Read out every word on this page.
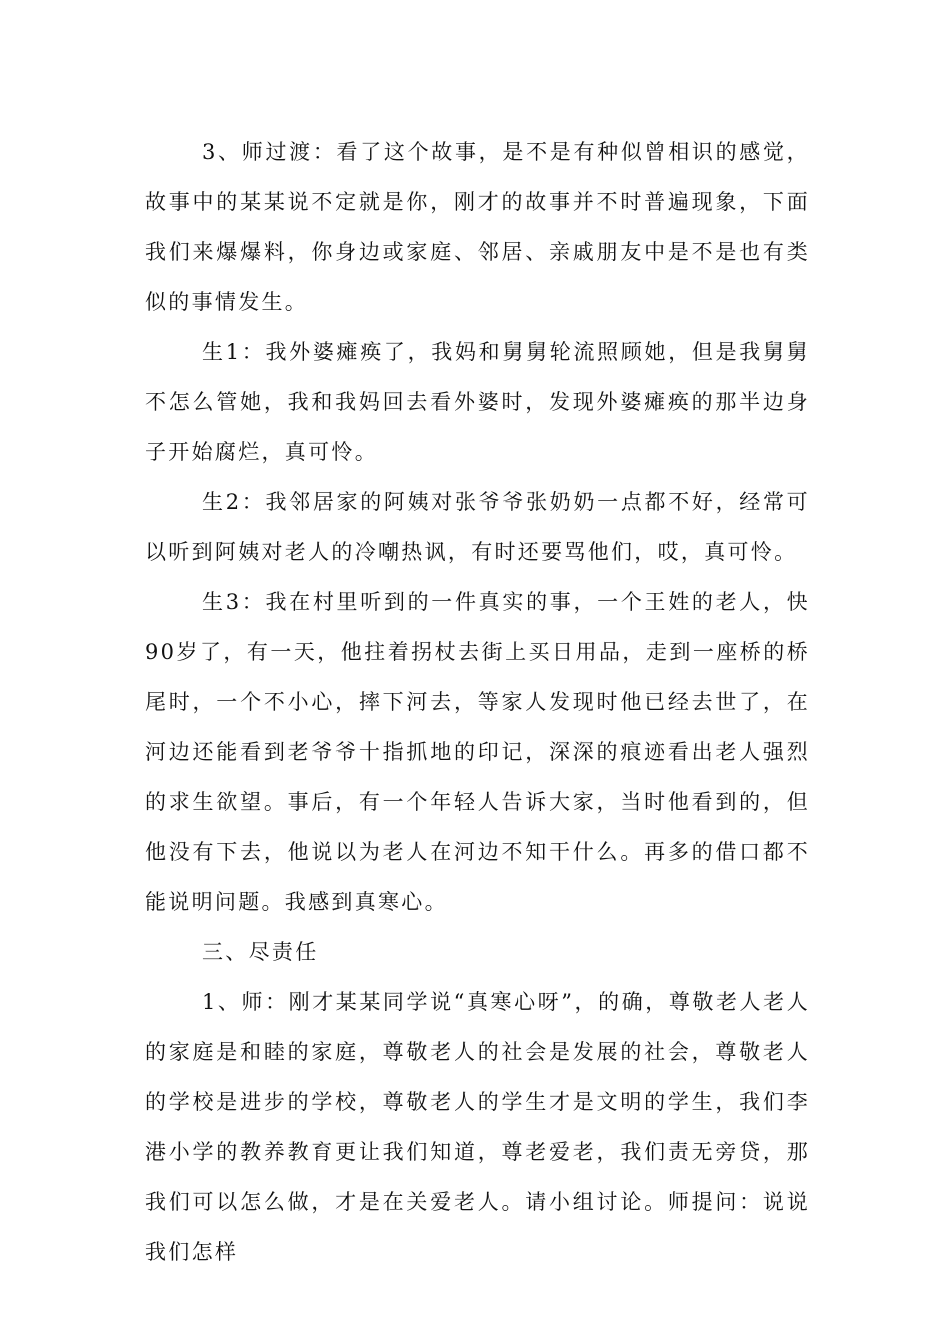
3、师过渡：看了这个故事，是不是有种似曾相识的感觉，故事中的某某说不定就是你，刚才的故事并不时普遍现象，下面我们来爆爆料，你身边或家庭、邻居、亲戚朋友中是不是也有类似的事情发生。

生1：我外婆瘫痪了，我妈和舅舅轮流照顾她，但是我舅舅不怎么管她，我和我妈回去看外婆时，发现外婆瘫痪的那半边身子开始腐烂，真可怜。

生2：我邻居家的阿姨对张爷爷张奶奶一点都不好，经常可以听到阿姨对老人的冷嘲热讽，有时还要骂他们，哎，真可怜。

生3：我在村里听到的一件真实的事，一个王姓的老人，快90岁了，有一天，他拄着拐杖去街上买日用品，走到一座桥的桥尾时，一个不小心，摔下河去，等家人发现时他已经去世了，在河边还能看到老爷爷十指抓地的印记，深深的痕迹看出老人强烈的求生欲望。事后，有一个年轻人告诉大家，当时他看到的，但他没有下去，他说以为老人在河边不知干什么。再多的借口都不能说明问题。我感到真寒心。

三、尽责任

1、师：刚才某某同学说“真寒心呀”，的确，尊敬老人老人的家庭是和睦的家庭，尊敬老人的社会是发展的社会，尊敬老人的学校是进步的学校，尊敬老人的学生才是文明的学生，我们李港小学的教养教育更让我们知道，尊老爱老，我们责无旁贷，那我们可以怎么做，才是在关爱老人。请小组讨论。师提问：说说我们怎样
